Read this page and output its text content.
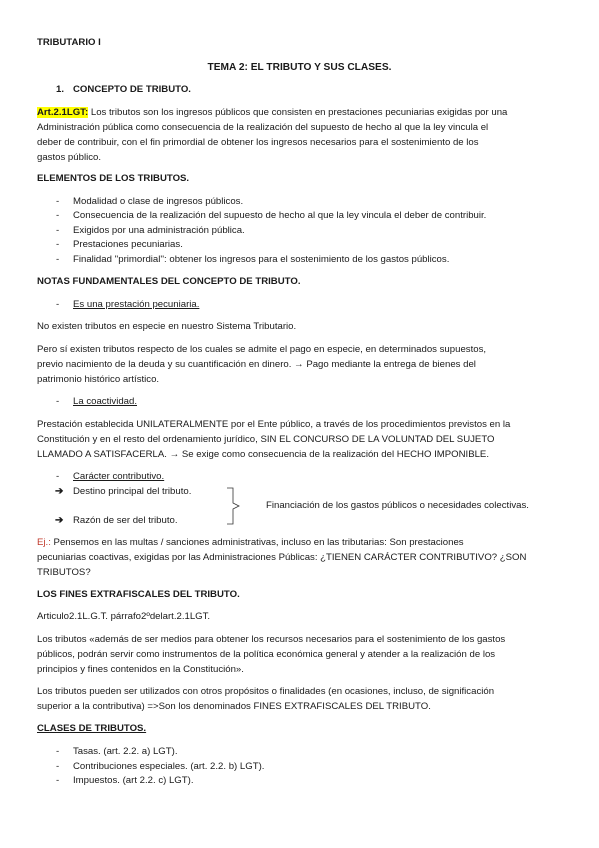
TRIBUTARIO I
TEMA 2: EL TRIBUTO Y SUS CLASES.
1. CONCEPTO DE TRIBUTO.
Art.2.1LGT: Los tributos son los ingresos públicos que consisten en prestaciones pecuniarias exigidas por una
Administración pública como consecuencia de la realización del supuesto de hecho al que la ley vincula el
deber de contribuir, con el fin primordial de obtener los ingresos necesarios para el sostenimiento de los
gastos público.
ELEMENTOS DE LOS TRIBUTOS.
- Modalidad o clase de ingresos públicos.
- Consecuencia de la realización del supuesto de hecho al que la ley vincula el deber de contribuir.
- Exigidos por una administración pública.
- Prestaciones pecuniarias.
- Finalidad ''primordial'': obtener los ingresos para el sostenimiento de los gastos públicos.
NOTAS FUNDAMENTALES DEL CONCEPTO DE TRIBUTO.
- Es una prestación pecuniaria.
No existen tributos en especie en nuestro Sistema Tributario.
Pero sí existen tributos respecto de los cuales se admite el pago en especie, en determinados supuestos,
previo nacimiento de la deuda y su cuantificación en dinero. → Pago mediante la entrega de bienes del
patrimonio histórico artístico.
- La coactividad.
Prestación establecida UNILATERALMENTE por el Ente público, a través de los procedimientos previstos en la
Constitución y en el resto del ordenamiento jurídico, SIN EL CONCURSO DE LA VOLUNTAD DEL SUJETO
LLAMADO A SATISFACERLA. → Se exige como consecuencia de la realización del HECHO IMPONIBLE.
- Carácter contributivo.
➔ Destino principal del tributo.
Financiación de los gastos públicos o necesidades colectivas.
➔ Razón de ser del tributo.
Ej.: Pensemos en las multas / sanciones administrativas, incluso en las tributarias: Son prestaciones
pecuniarias coactivas, exigidas por las Administraciones Públicas: ¿TIENEN CARÁCTER CONTRIBUTIVO? ¿SON
TRIBUTOS?
LOS FINES EXTRAFISCALES DEL TRIBUTO.
Articulo2.1L.G.T. párrafo2ºdelart.2.1LGT.
Los tributos «además de ser medios para obtener los recursos necesarios para el sostenimiento de los gastos
públicos, podrán servir como instrumentos de la política económica general y atender a la realización de los
principios y fines contenidos en la Constitución».
Los tributos pueden ser utilizados con otros propósitos o finalidades (en ocasiones, incluso, de significación
superior a la contributiva) =>Son los denominados FINES EXTRAFISCALES DEL TRIBUTO.
CLASES DE TRIBUTOS.
- Tasas. (art. 2.2. a) LGT).
- Contribuciones especiales. (art. 2.2. b) LGT).
- Impuestos. (art 2.2. c) LGT).
